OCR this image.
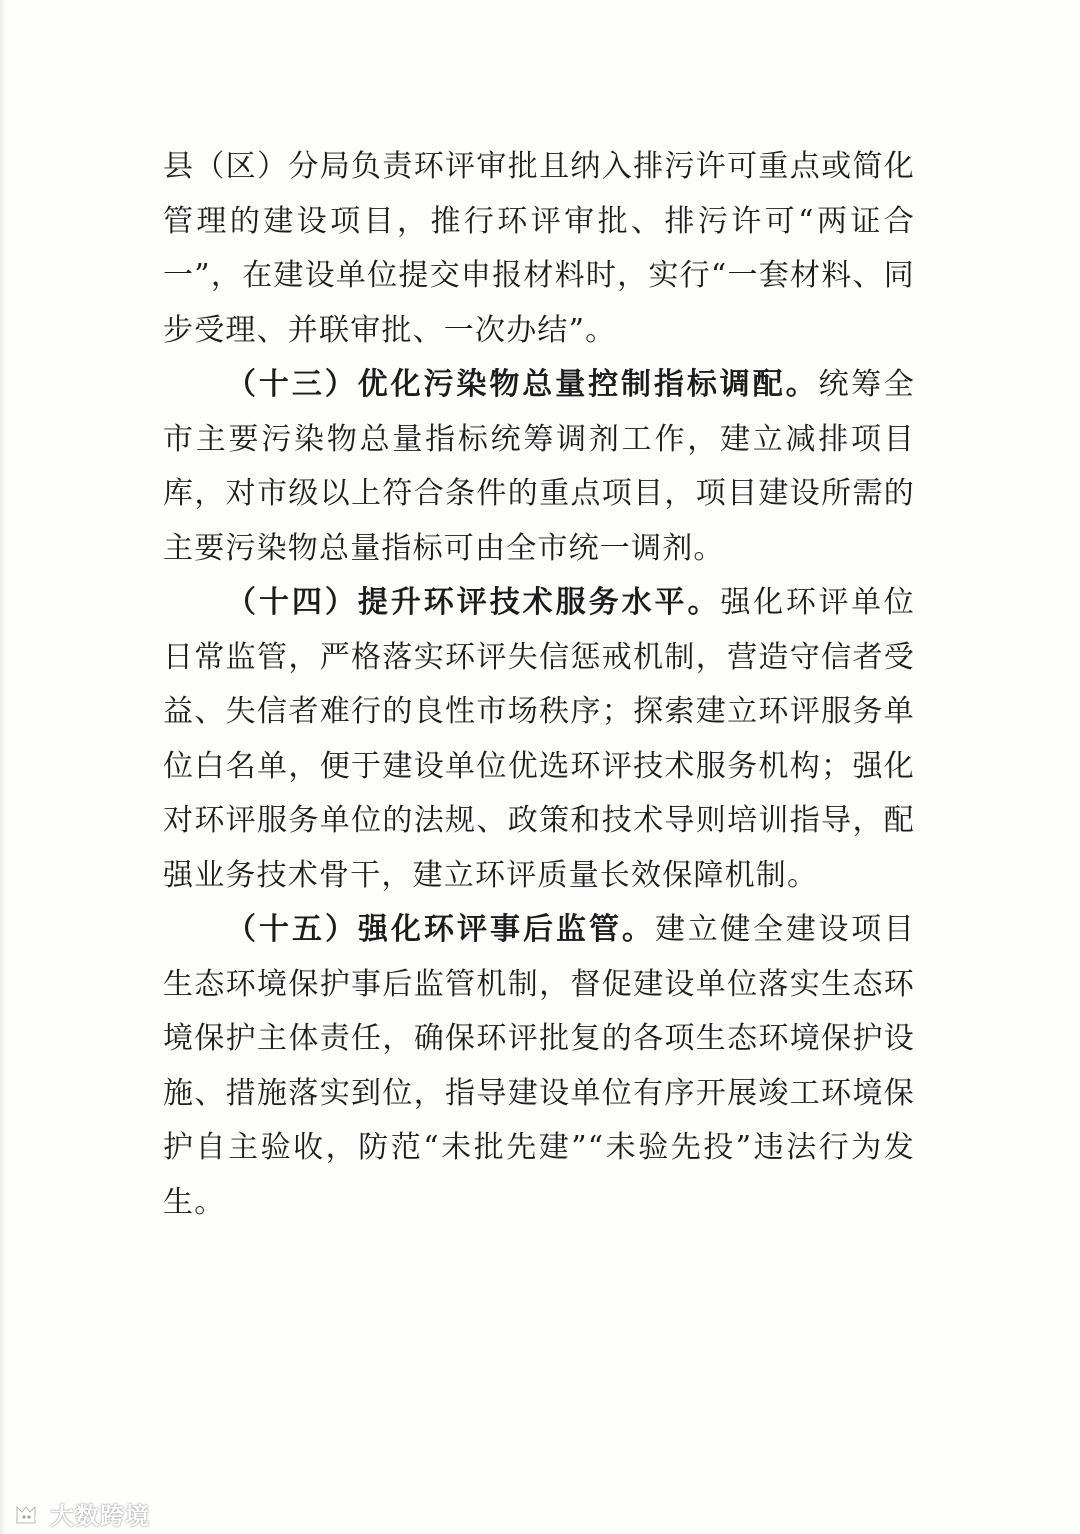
县（区）分局负责环评审批且纳入排污许可重点或简化管理的建设项目，推行环评审批、排污许可“两证合一”，在建设单位提交申报材料时，实行“一套材料、同步受理、并联审批、一次办结”。

（十三）优化污染物总量控制指标调配。统筹全市主要污染物总量指标统筹调剂工作，建立减排项目库，对市级以上符合条件的重点项目，项目建设所需的主要污染物总量指标可由全市统一调剂。

（十四）提升环评技术服务水平。强化环评单位日常监管，严格落实环评失信惩戒机制，营造守信者受益、失信者难行的良性市场秩序；探索建立环评服务单位白名单，便于建设单位优选环评技术服务机构；强化对环评服务单位的法规、政策和技术导则培训指导，配强业务技术骨干，建立环评质量长效保障机制。

（十五）强化环评事后监管。建立健全建设项目生态环境保护事后监管机制，督促建设单位落实生态环境保护主体责任，确保环评批复的各项生态环境保护设施、措施落实到位，指导建设单位有序开展竣工环境保护自主验收，防范“未批先建”“未验先投”违法行为发生。

大数跨境
